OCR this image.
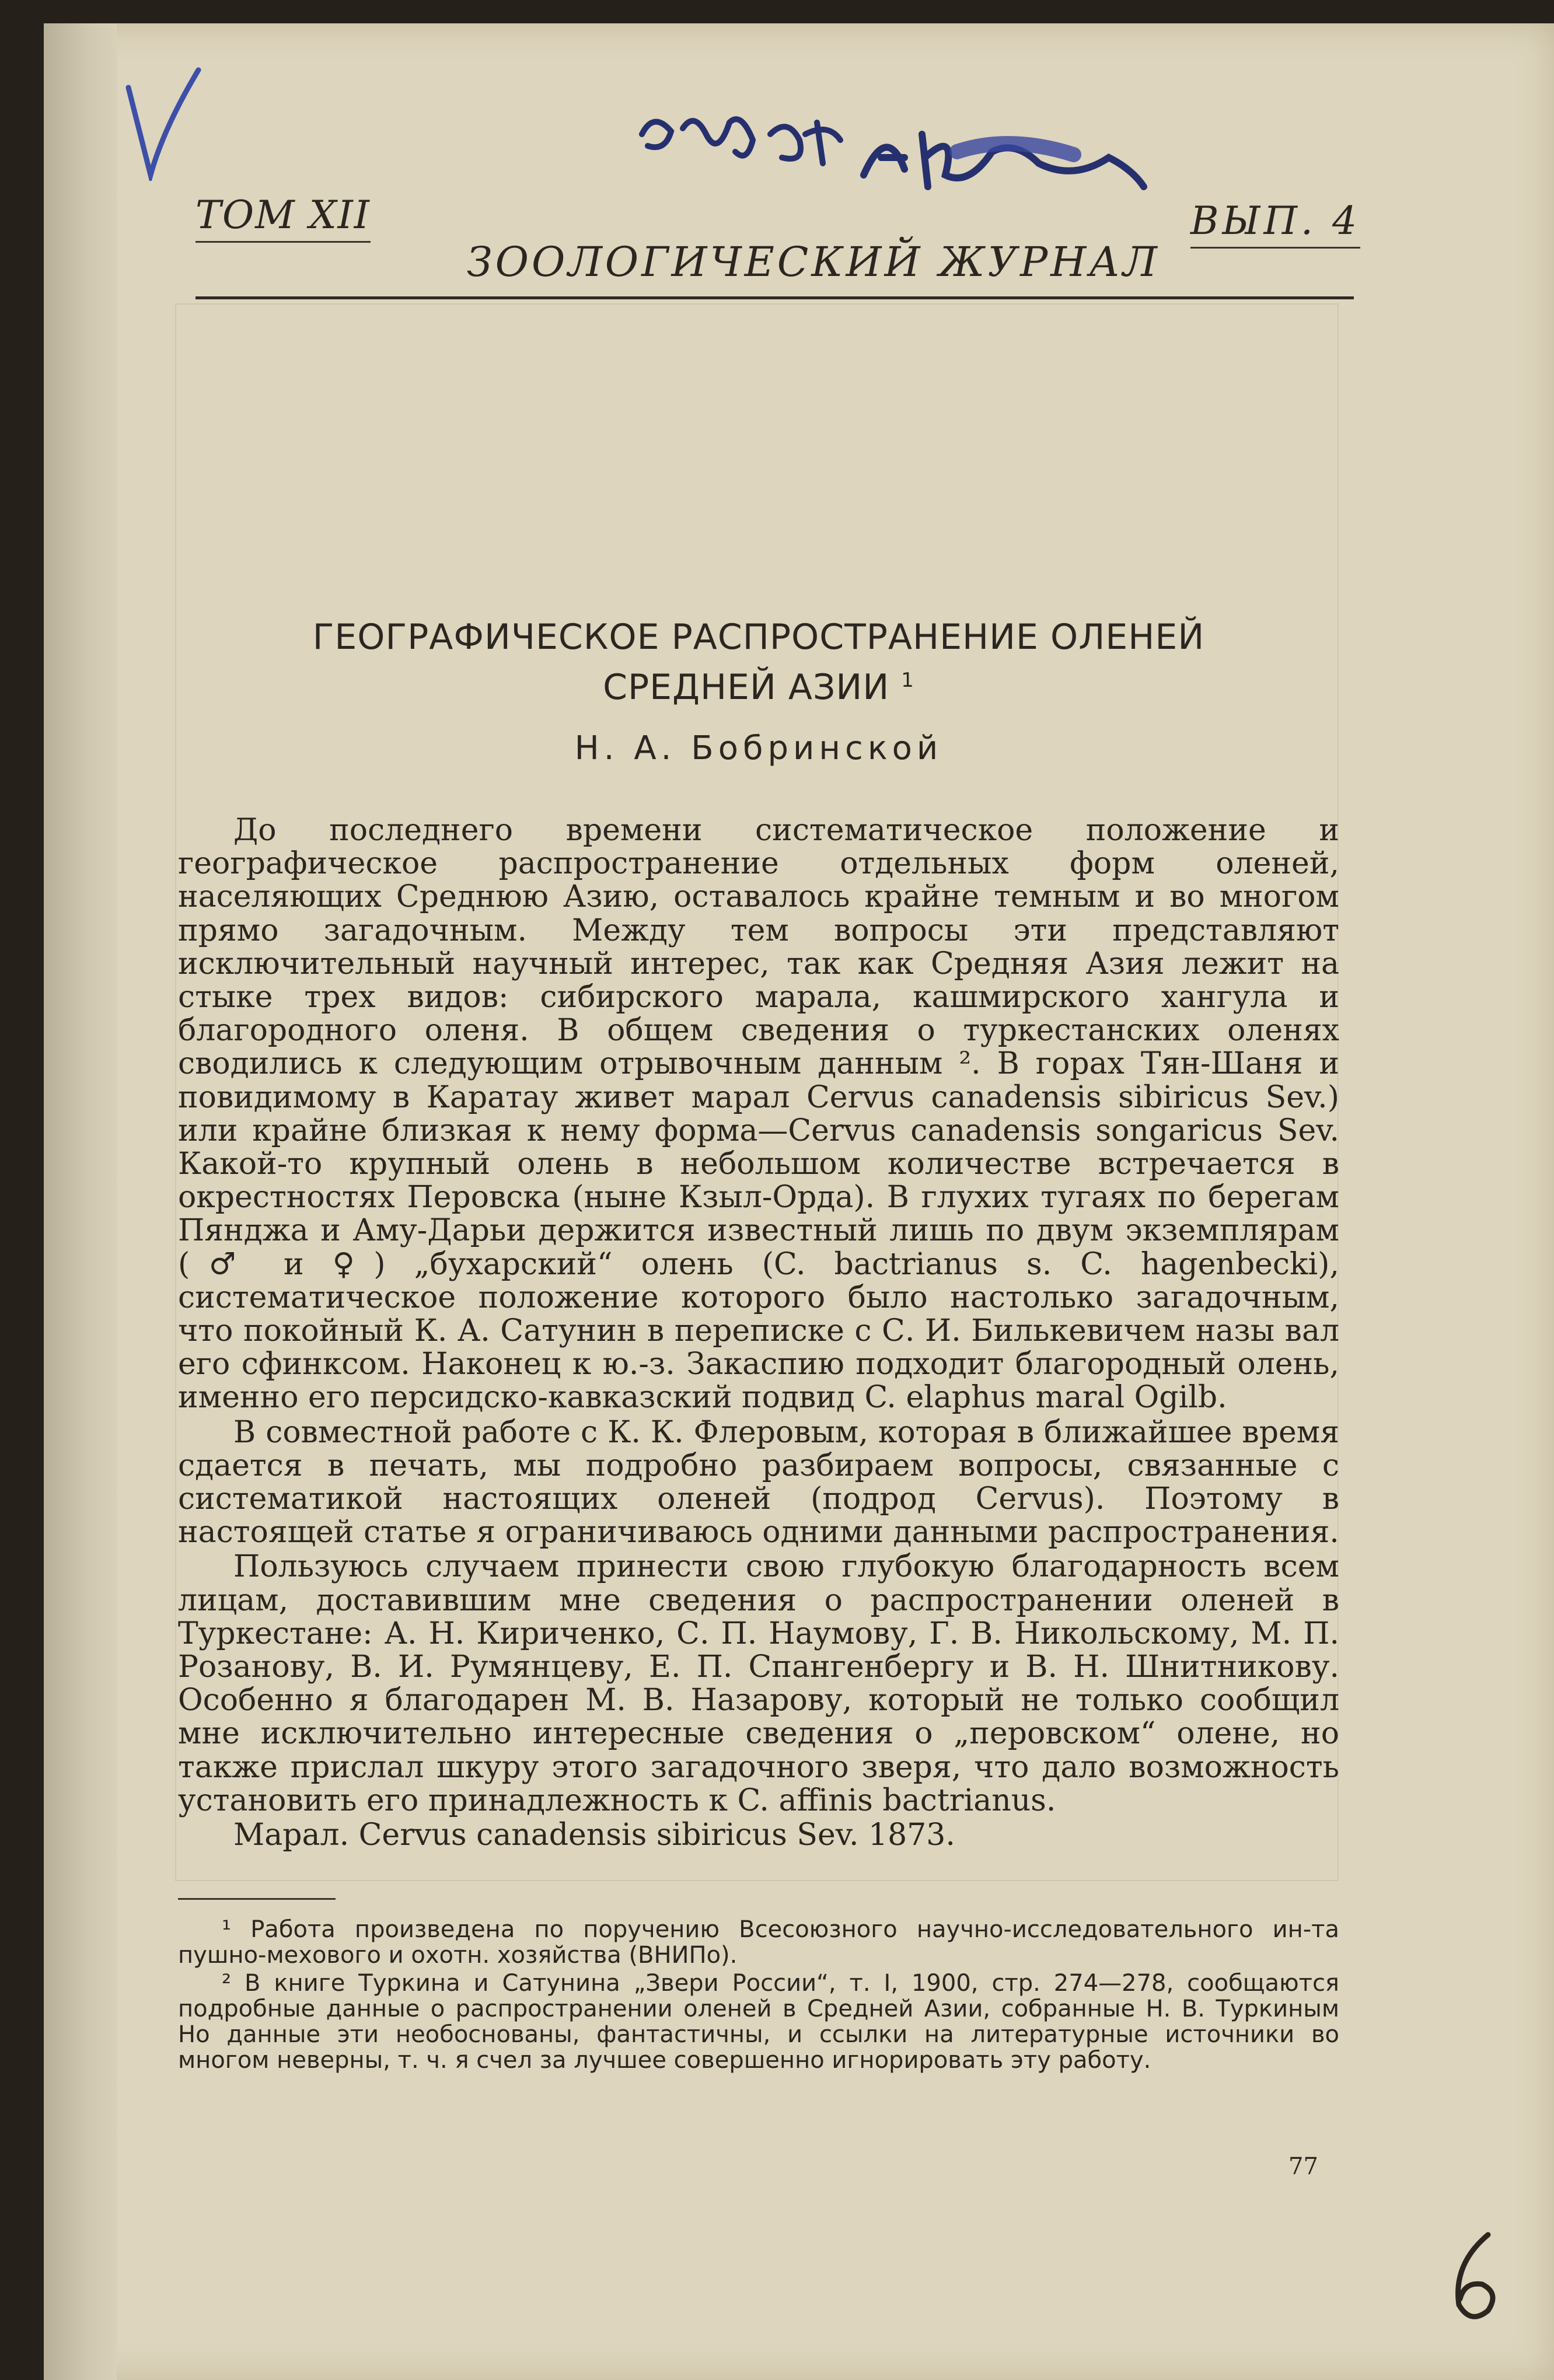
ТОМ XII	ВЫП. 4
ЗООЛОГИЧЕСКИЙ ЖУРНАЛ
ГЕОГРАФИЧЕСКОЕ РАСПРОСТРАНЕНИЕ ОЛЕНЕЙ
СРЕДНЕЙ АЗИИ $^1$
Н. А. Бобринской

До последнего времени систематическое положение и географическое распространение отдельных форм оленей, населяющих Среднюю Азию, оставалось крайне темным и во многом прямо загадочным. Между тем вопросы эти представляют исключительный научный интерес, так как Средняя Азия лежит на стыке трех видов: сибирского марала, кашмирского хангула и благородного оленя. В общем сведения о туркестанских оленях сводились к следующим отрывочным данным ². В горах Тян-Шаня и повидимому в Каратау живет марал Cervus canadensis sibiricus Sev.) или крайне близкая к нему форма—Cervus canadensis songaricus Sev. Какой-то крупный олень в небольшом количестве встречается в окрестностях Перовска (ныне Кзыл-Орда). В глухих тугаях по берегам Пянджа и Аму-Дарьи держится известный лишь по двум экземплярам (♂ и ♀) „бухарский“ олень (C. bactrianus s. C. hagenbecki), систематическое положение которого было настолько загадочным, что покойный К. А. Сатунин в переписке с С. И. Билькевичем назы вал его сфинксом. Наконец к ю.-з. Закаспию подходит благородный олень, именно его персидско-кавказский подвид C. elaphus maral Ogilb.

В совместной работе с К. К. Флеровым, которая в ближайшее время сдается в печать, мы подробно разбираем вопросы, связанные с систематикой настоящих оленей (подрод Cervus). Поэтому в настоящей статье я ограничиваюсь одними данными распространения.

Пользуюсь случаем принести свою глубокую благодарность всем лицам, доставившим мне сведения о распространении оленей в Туркестане: А. Н. Кириченко, С. П. Наумову, Г. В. Никольскому, М. П. Розанову, В. И. Румянцеву, Е. П. Спангенбергу и В. Н. Шнитникову. Особенно я благодарен М. В. Назарову, который не только сообщил мне исключительно интересные сведения о „перовском“ олене, но также прислал шкуру этого загадочного зверя, что дало возможность установить его принадлежность к C. affinis bactrianus.

Марал. Cervus canadensis sibiricus Sev. 1873.

¹ Работа произведена по поручению Всесоюзного научно-исследовательного ин-та пушно-мехового и охотн. хозяйства (ВНИПо).

² В книге Туркина и Сатунина „Звери России“, т. I, 1900, стр. 274—278, сообщаются подробные данные о распространении оленей в Средней Азии, собранные Н. В. Туркиным Но данные эти необоснованы, фантастичны, и ссылки на литературные источники во многом неверны, т. ч. я счел за лучшее совершенно игнорировать эту работу.

77
